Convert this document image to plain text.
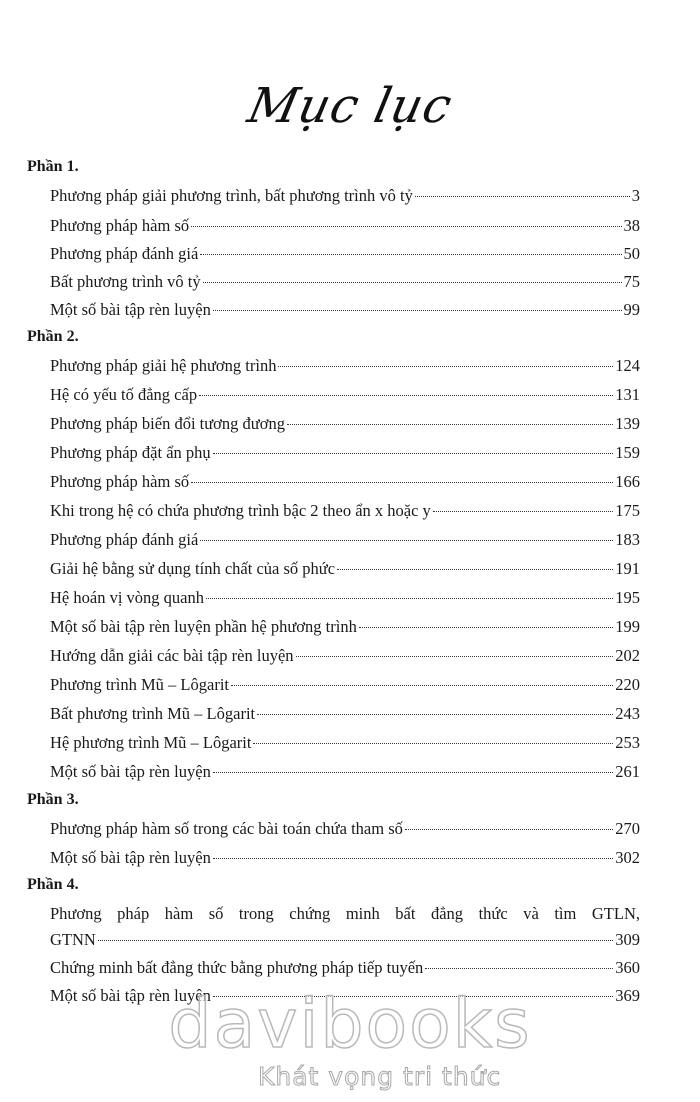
Mục lục
Phần 1.
Phương pháp giải phương trình, bất phương trình vô tỷ	3
Phương pháp hàm số	38
Phương pháp đánh giá	50
Bất phương trình vô tỷ	75
Một số bài tập rèn luyện	99
Phần 2.
Phương pháp giải hệ phương trình	124
Hệ có yếu tố đẳng cấp	131
Phương pháp biến đổi tương đương	139
Phương pháp đặt ẩn phụ	159
Phương pháp hàm số	166
Khi trong hệ có chứa phương trình bậc 2 theo ẩn x hoặc y	175
Phương pháp đánh giá	183
Giải hệ bằng sử dụng tính chất của số phức	191
Hệ hoán vị vòng quanh	195
Một số bài tập rèn luyện phần hệ phương trình	199
Hướng dẫn giải các bài tập rèn luyện	202
Phương trình Mũ – Lôgarit	220
Bất phương trình Mũ – Lôgarit	243
Hệ phương trình Mũ – Lôgarit	253
Một số bài tập rèn luyện	261
Phần 3.
Phương pháp hàm số trong các bài toán chứa tham số	270
Một số bài tập rèn luyện	302
Phần 4.
Phương pháp hàm số trong chứng minh bất đẳng thức và tìm GTLN,
GTNN	309
Chứng minh bất đẳng thức bằng phương pháp tiếp tuyến	360
Một số bài tập rèn luyện	369
davibooks
Khát vọng tri thức
